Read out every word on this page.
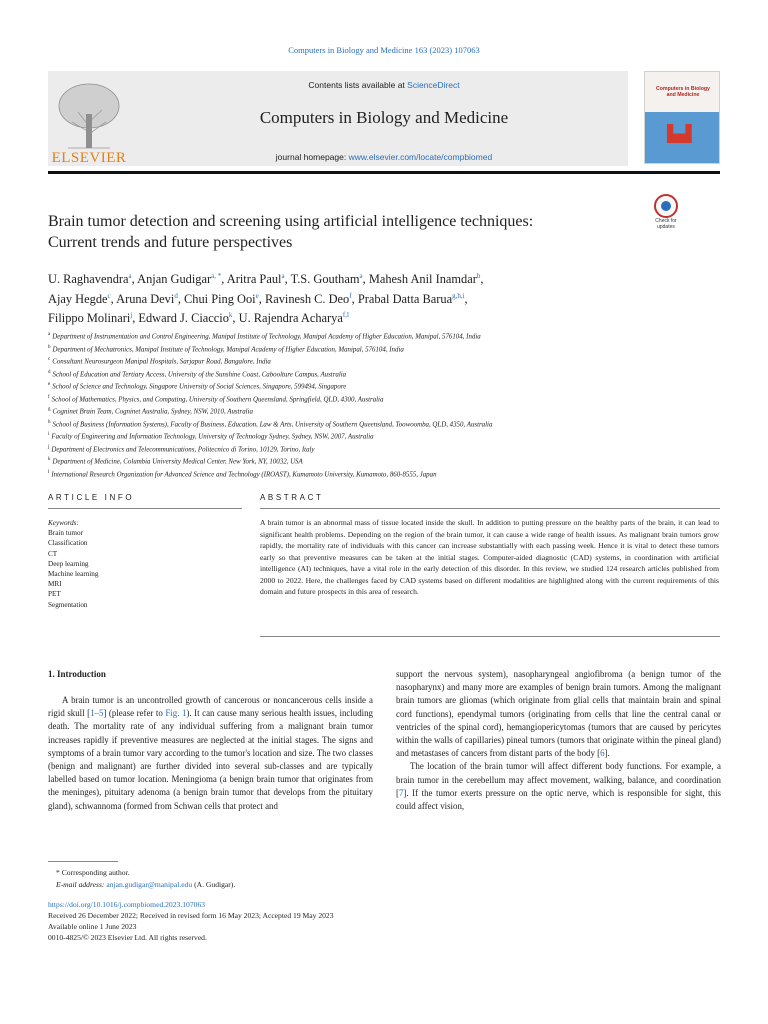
Computers in Biology and Medicine 163 (2023) 107063
ELSEVIER
Contents lists available at ScienceDirect
Computers in Biology and Medicine
journal homepage: www.elsevier.com/locate/compbiomed
Computers in Biology and Medicine
▙▟
Check for updates
Brain tumor detection and screening using artificial intelligence techniques:
Current trends and future perspectives
U. Raghavendra$^a$, Anjan Gudigar$^{a, *}$, Aritra Paul$^a$, T.S. Goutham$^a$, Mahesh Anil Inamdar$^b$,
Ajay Hegde$^c$, Aruna Devi$^d$, Chui Ping Ooi$^e$, Ravinesh C. Deo$^f$, Prabal Datta Barua$^{g,h,i}$,
Filippo Molinari$^j$, Edward J. Ciaccio$^k$, U. Rajendra Acharya$^{f,l}$
$^a$ Department of Instrumentation and Control Engineering, Manipal Institute of Technology, Manipal Academy of Higher Education, Manipal, 576104, India
$^b$ Department of Mechatronics, Manipal Institute of Technology, Manipal Academy of Higher Education, Manipal, 576104, India
$^c$ Consultant Neurosurgeon Manipal Hospitals, Sarjapur Road, Bangalore, India
$^d$ School of Education and Tertiary Access, University of the Sunshine Coast, Caboolture Campus, Australia
$^e$ School of Science and Technology, Singapore University of Social Sciences, Singapore, 599494, Singapore
$^f$ School of Mathematics, Physics, and Computing, University of Southern Queensland, Springfield, QLD, 4300, Australia
$^g$ Cogninet Brain Team, Cogninet Australia, Sydney, NSW, 2010, Australia
$^h$ School of Business (Information Systems), Faculty of Business, Education, Law & Arts, University of Southern Queensland, Toowoomba, QLD, 4350, Australia
$^i$ Faculty of Engineering and Information Technology, University of Technology Sydney, Sydney, NSW, 2007, Australia
$^j$ Department of Electronics and Telecommunications, Politecnico di Torino, 10129, Torino, Italy
$^k$ Department of Medicine, Columbia University Medical Center, New York, NY, 10032, USA
$^l$ International Research Organization for Advanced Science and Technology (IROAST), Kumamoto University, Kumamoto, 860-8555, Japan
ARTICLE INFO	ABSTRACT
Keywords:
Brain tumor
Classification
CT
Deep learning
Machine learning
MRI
PET
Segmentation
A brain tumor is an abnormal mass of tissue located inside the skull. In addition to putting pressure on the healthy parts of the brain, it can lead to significant health problems. Depending on the region of the brain tumor, it can cause a wide range of health issues. As malignant brain tumors grow rapidly, the mortality rate of individuals with this cancer can increase substantially with each passing week. Hence it is vital to detect these tumors early so that preventive measures can be taken at the initial stages. Computer-aided diagnostic (CAD) systems, in coordination with artificial intelligence (AI) techniques, have a vital role in the early detection of this disorder. In this review, we studied 124 research articles published from 2000 to 2022. Here, the challenges faced by CAD systems based on different modalities are highlighted along with the current requirements of this domain and future prospects in this area of research.
1. Introduction

A brain tumor is an uncontrolled growth of cancerous or noncancerous cells inside a rigid skull [1–5] (please refer to Fig. 1). It can cause many serious health issues, including death. The mortality rate of any individual suffering from a malignant brain tumor increases rapidly if preventive measures are neglected at the initial stages. The signs and symptoms of a brain tumor vary according to the tumor's location and size. The two classes (benign and malignant) are further divided into several sub-classes and are typically labelled based on tumor location. Meningioma (a benign brain tumor that originates from the meninges), pituitary adenoma (a benign brain tumor that develops from the pituitary gland), schwannoma (formed from Schwan cells that protect and

support the nervous system), nasopharyngeal angiofibroma (a benign tumor of the nasopharynx) and many more are examples of benign brain tumors. Among the malignant brain tumors are gliomas (which originate from glial cells that maintain brain and spinal cord functions), ependymal tumors (originating from cells that line the central canal or ventricles of the spinal cord), hemangiopericytomas (tumors that are caused by pericytes within the walls of capillaries) pineal tumors (tumors that originate within the pineal gland) and metastases of cancers from distant parts of the body [6].

The location of the brain tumor will affect different body functions. For example, a brain tumor in the cerebellum may affect movement, walking, balance, and coordination [7]. If the tumor exerts pressure on the optic nerve, which is responsible for sight, this could affect vision,

* Corresponding author.
E-mail address: anjan.gudigar@manipal.edu (A. Gudigar).
https://doi.org/10.1016/j.compbiomed.2023.107063
Received 26 December 2022; Received in revised form 16 May 2023; Accepted 19 May 2023
Available online 1 June 2023
0010-4825/© 2023 Elsevier Ltd. All rights reserved.
